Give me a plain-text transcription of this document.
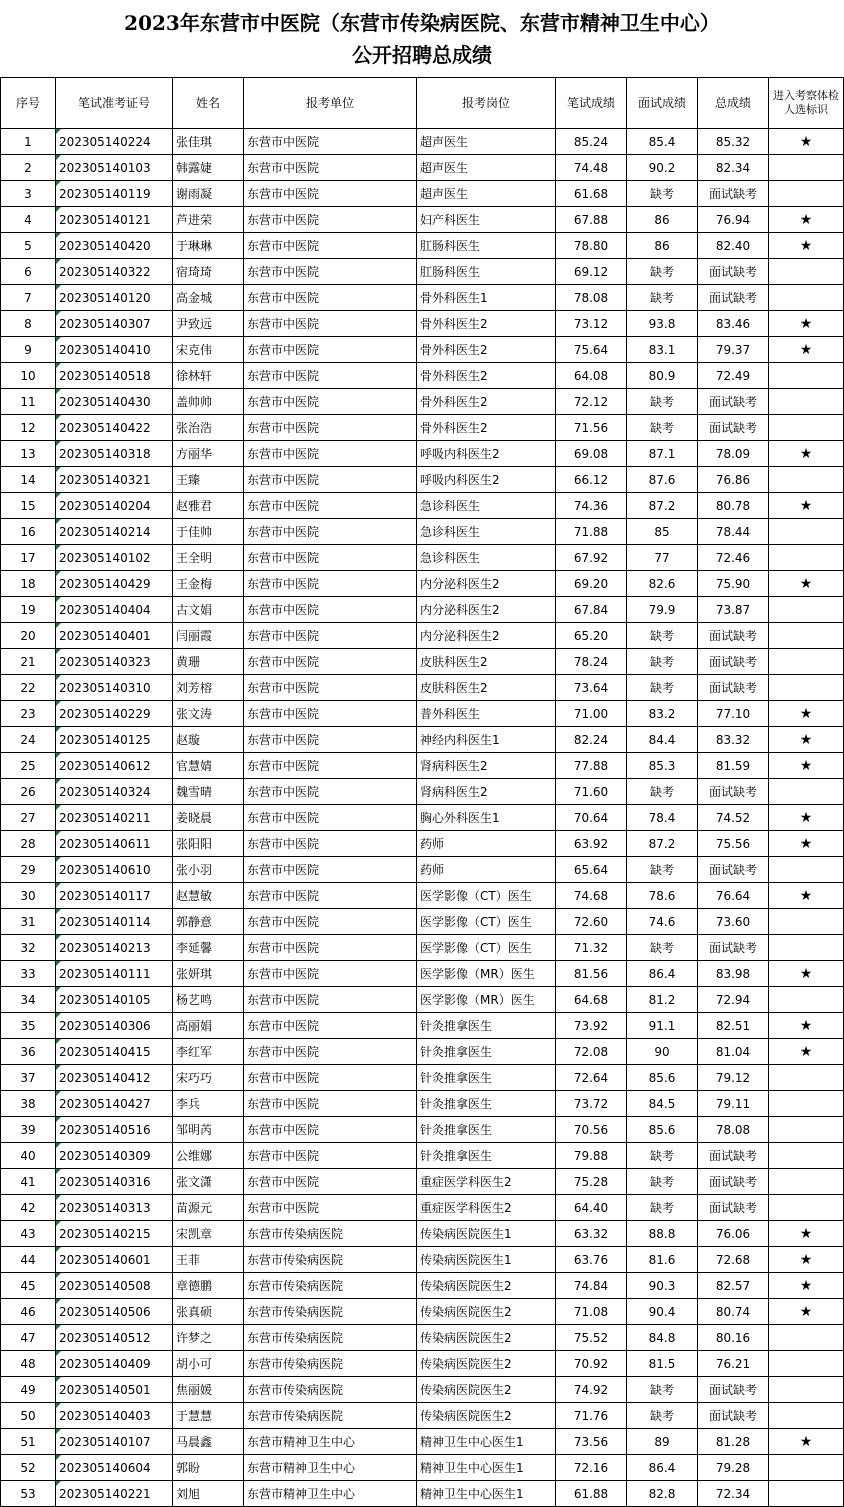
2023年东营市中医院（东营市传染病医院、东营市精神卫生中心）
公开招聘总成绩
序号	笔试准考证号	姓名	报考单位	报考岗位	笔试成绩	面试成绩	总成绩	进入考察体检人选标识
1	202305140224	张佳琪	东营市中医院	超声医生	85.24	85.4	85.32	★
2	202305140103	韩露婕	东营市中医院	超声医生	74.48	90.2	82.34	
3	202305140119	谢雨凝	东营市中医院	超声医生	61.68	缺考	面试缺考	
4	202305140121	芦进荣	东营市中医院	妇产科医生	67.88	86	76.94	★
5	202305140420	于琳琳	东营市中医院	肛肠科医生	78.80	86	82.40	★
6	202305140322	宿琦琦	东营市中医院	肛肠科医生	69.12	缺考	面试缺考	
7	202305140120	高金城	东营市中医院	骨外科医生1	78.08	缺考	面试缺考	
8	202305140307	尹致远	东营市中医院	骨外科医生2	73.12	93.8	83.46	★
9	202305140410	宋克伟	东营市中医院	骨外科医生2	75.64	83.1	79.37	★
10	202305140518	徐林轩	东营市中医院	骨外科医生2	64.08	80.9	72.49	
11	202305140430	盖帅帅	东营市中医院	骨外科医生2	72.12	缺考	面试缺考	
12	202305140422	张治浩	东营市中医院	骨外科医生2	71.56	缺考	面试缺考	
13	202305140318	方丽华	东营市中医院	呼吸内科医生2	69.08	87.1	78.09	★
14	202305140321	王臻	东营市中医院	呼吸内科医生2	66.12	87.6	76.86	
15	202305140204	赵雅君	东营市中医院	急诊科医生	74.36	87.2	80.78	★
16	202305140214	于佳帅	东营市中医院	急诊科医生	71.88	85	78.44	
17	202305140102	王全明	东营市中医院	急诊科医生	67.92	77	72.46	
18	202305140429	王金梅	东营市中医院	内分泌科医生2	69.20	82.6	75.90	★
19	202305140404	古文娟	东营市中医院	内分泌科医生2	67.84	79.9	73.87	
20	202305140401	闫丽霞	东营市中医院	内分泌科医生2	65.20	缺考	面试缺考	
21	202305140323	黄珊	东营市中医院	皮肤科医生2	78.24	缺考	面试缺考	
22	202305140310	刘芳榕	东营市中医院	皮肤科医生2	73.64	缺考	面试缺考	
23	202305140229	张文涛	东营市中医院	普外科医生	71.00	83.2	77.10	★
24	202305140125	赵璇	东营市中医院	神经内科医生1	82.24	84.4	83.32	★
25	202305140612	官慧婧	东营市中医院	肾病科医生2	77.88	85.3	81.59	★
26	202305140324	魏雪晴	东营市中医院	肾病科医生2	71.60	缺考	面试缺考	
27	202305140211	姜晓晨	东营市中医院	胸心外科医生1	70.64	78.4	74.52	★
28	202305140611	张阳阳	东营市中医院	药师	63.92	87.2	75.56	★
29	202305140610	张小羽	东营市中医院	药师	65.64	缺考	面试缺考	
30	202305140117	赵慧敏	东营市中医院	医学影像（CT）医生	74.68	78.6	76.64	★
31	202305140114	郭静意	东营市中医院	医学影像（CT）医生	72.60	74.6	73.60	
32	202305140213	李延馨	东营市中医院	医学影像（CT）医生	71.32	缺考	面试缺考	
33	202305140111	张妍琪	东营市中医院	医学影像（MR）医生	81.56	86.4	83.98	★
34	202305140105	杨艺鸣	东营市中医院	医学影像（MR）医生	64.68	81.2	72.94	
35	202305140306	高丽娟	东营市中医院	针灸推拿医生	73.92	91.1	82.51	★
36	202305140415	李红军	东营市中医院	针灸推拿医生	72.08	90	81.04	★
37	202305140412	宋巧巧	东营市中医院	针灸推拿医生	72.64	85.6	79.12	
38	202305140427	李兵	东营市中医院	针灸推拿医生	73.72	84.5	79.11	
39	202305140516	邹明芮	东营市中医院	针灸推拿医生	70.56	85.6	78.08	
40	202305140309	公维娜	东营市中医院	针灸推拿医生	79.88	缺考	面试缺考	
41	202305140316	张文潇	东营市中医院	重症医学科医生2	75.28	缺考	面试缺考	
42	202305140313	苗源元	东营市中医院	重症医学科医生2	64.40	缺考	面试缺考	
43	202305140215	宋凯章	东营市传染病医院	传染病医院医生1	63.32	88.8	76.06	★
44	202305140601	王菲	东营市传染病医院	传染病医院医生1	63.76	81.6	72.68	★
45	202305140508	章德鹏	东营市传染病医院	传染病医院医生2	74.84	90.3	82.57	★
46	202305140506	张真硕	东营市传染病医院	传染病医院医生2	71.08	90.4	80.74	★
47	202305140512	许梦之	东营市传染病医院	传染病医院医生2	75.52	84.8	80.16	
48	202305140409	胡小可	东营市传染病医院	传染病医院医生2	70.92	81.5	76.21	
49	202305140501	焦丽媛	东营市传染病医院	传染病医院医生2	74.92	缺考	面试缺考	
50	202305140403	于慧慧	东营市传染病医院	传染病医院医生2	71.76	缺考	面试缺考	
51	202305140107	马晨鑫	东营市精神卫生中心	精神卫生中心医生1	73.56	89	81.28	★
52	202305140604	郭盼	东营市精神卫生中心	精神卫生中心医生1	72.16	86.4	79.28	
53	202305140221	刘旭	东营市精神卫生中心	精神卫生中心医生1	61.88	82.8	72.34	
